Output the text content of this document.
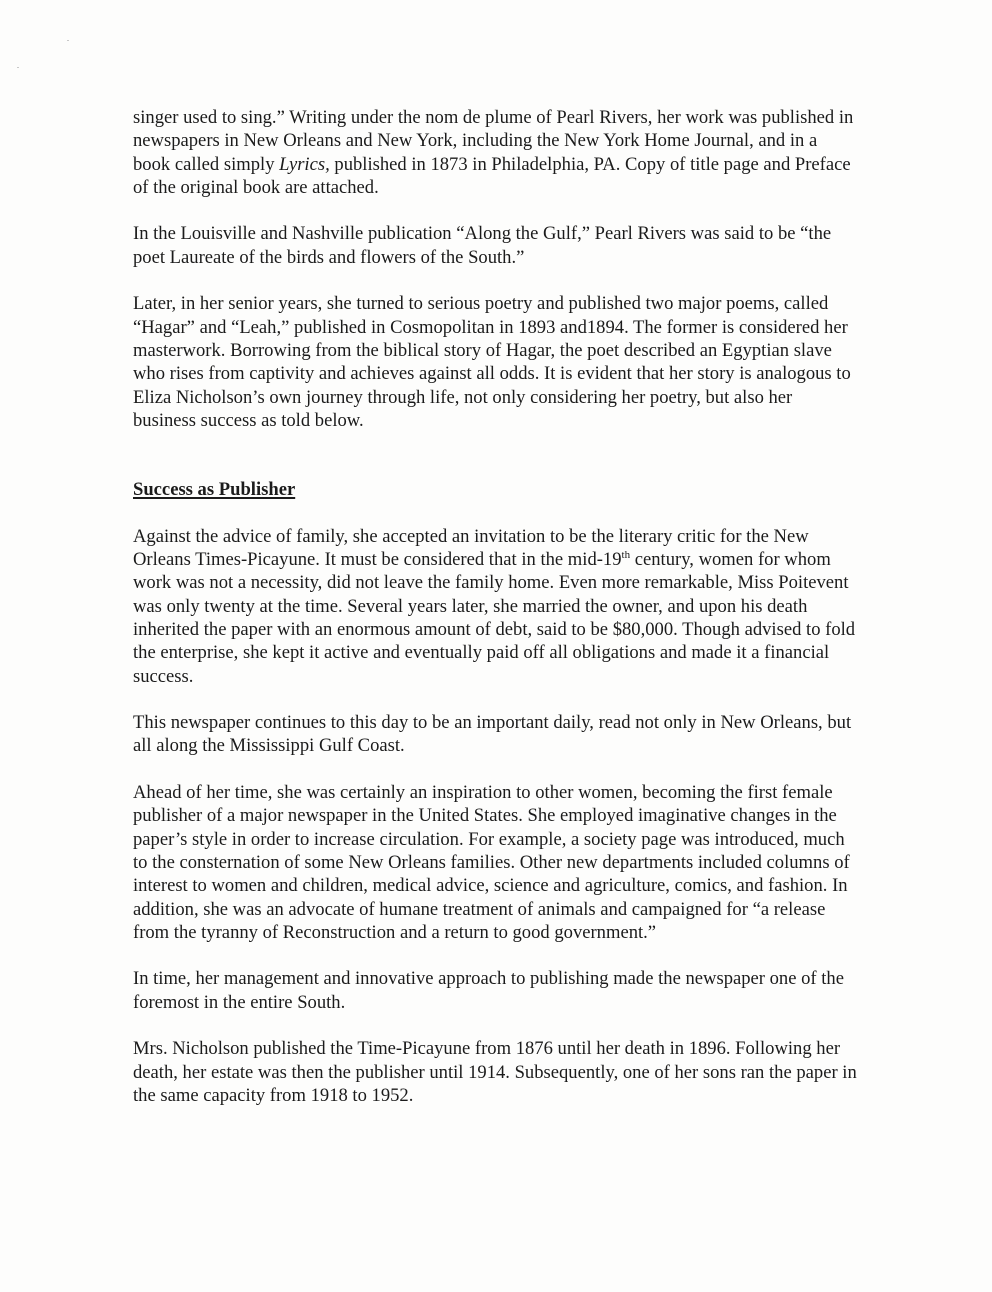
singer used to sing.” Writing under the nom de plume of Pearl Rivers, her work was published in newspapers in New Orleans and New York, including the New York Home Journal, and in a book called simply Lyrics, published in 1873 in Philadelphia, PA. Copy of title page and Preface of the original book are attached.

In the Louisville and Nashville publication “Along the Gulf,” Pearl Rivers was said to be “the poet Laureate of the birds and flowers of the South.”

Later, in her senior years, she turned to serious poetry and published two major poems, called “Hagar” and “Leah,” published in Cosmopolitan in 1893 and1894. The former is considered her masterwork. Borrowing from the biblical story of Hagar, the poet described an Egyptian slave who rises from captivity and achieves against all odds. It is evident that her story is analogous to Eliza Nicholson’s own journey through life, not only considering her poetry, but also her business success as told below.

Success as Publisher

Against the advice of family, she accepted an invitation to be the literary critic for the New Orleans Times-Picayune. It must be considered that in the mid-19th century, women for whom work was not a necessity, did not leave the family home. Even more remarkable, Miss Poitevent was only twenty at the time. Several years later, she married the owner, and upon his death inherited the paper with an enormous amount of debt, said to be $80,000. Though advised to fold the enterprise, she kept it active and eventually paid off all obligations and made it a financial success.

This newspaper continues to this day to be an important daily, read not only in New Orleans, but all along the Mississippi Gulf Coast.

Ahead of her time, she was certainly an inspiration to other women, becoming the first female publisher of a major newspaper in the United States. She employed imaginative changes in the paper’s style in order to increase circulation. For example, a society page was introduced, much to the consternation of some New Orleans families. Other new departments included columns of interest to women and children, medical advice, science and agriculture, comics, and fashion. In addition, she was an advocate of humane treatment of animals and campaigned for “a release from the tyranny of Reconstruction and a return to good government.”

In time, her management and innovative approach to publishing made the newspaper one of the foremost in the entire South.

Mrs. Nicholson published the Time-Picayune from 1876 until her death in 1896. Following her death, her estate was then the publisher until 1914. Subsequently, one of her sons ran the paper in the same capacity from 1918 to 1952.
